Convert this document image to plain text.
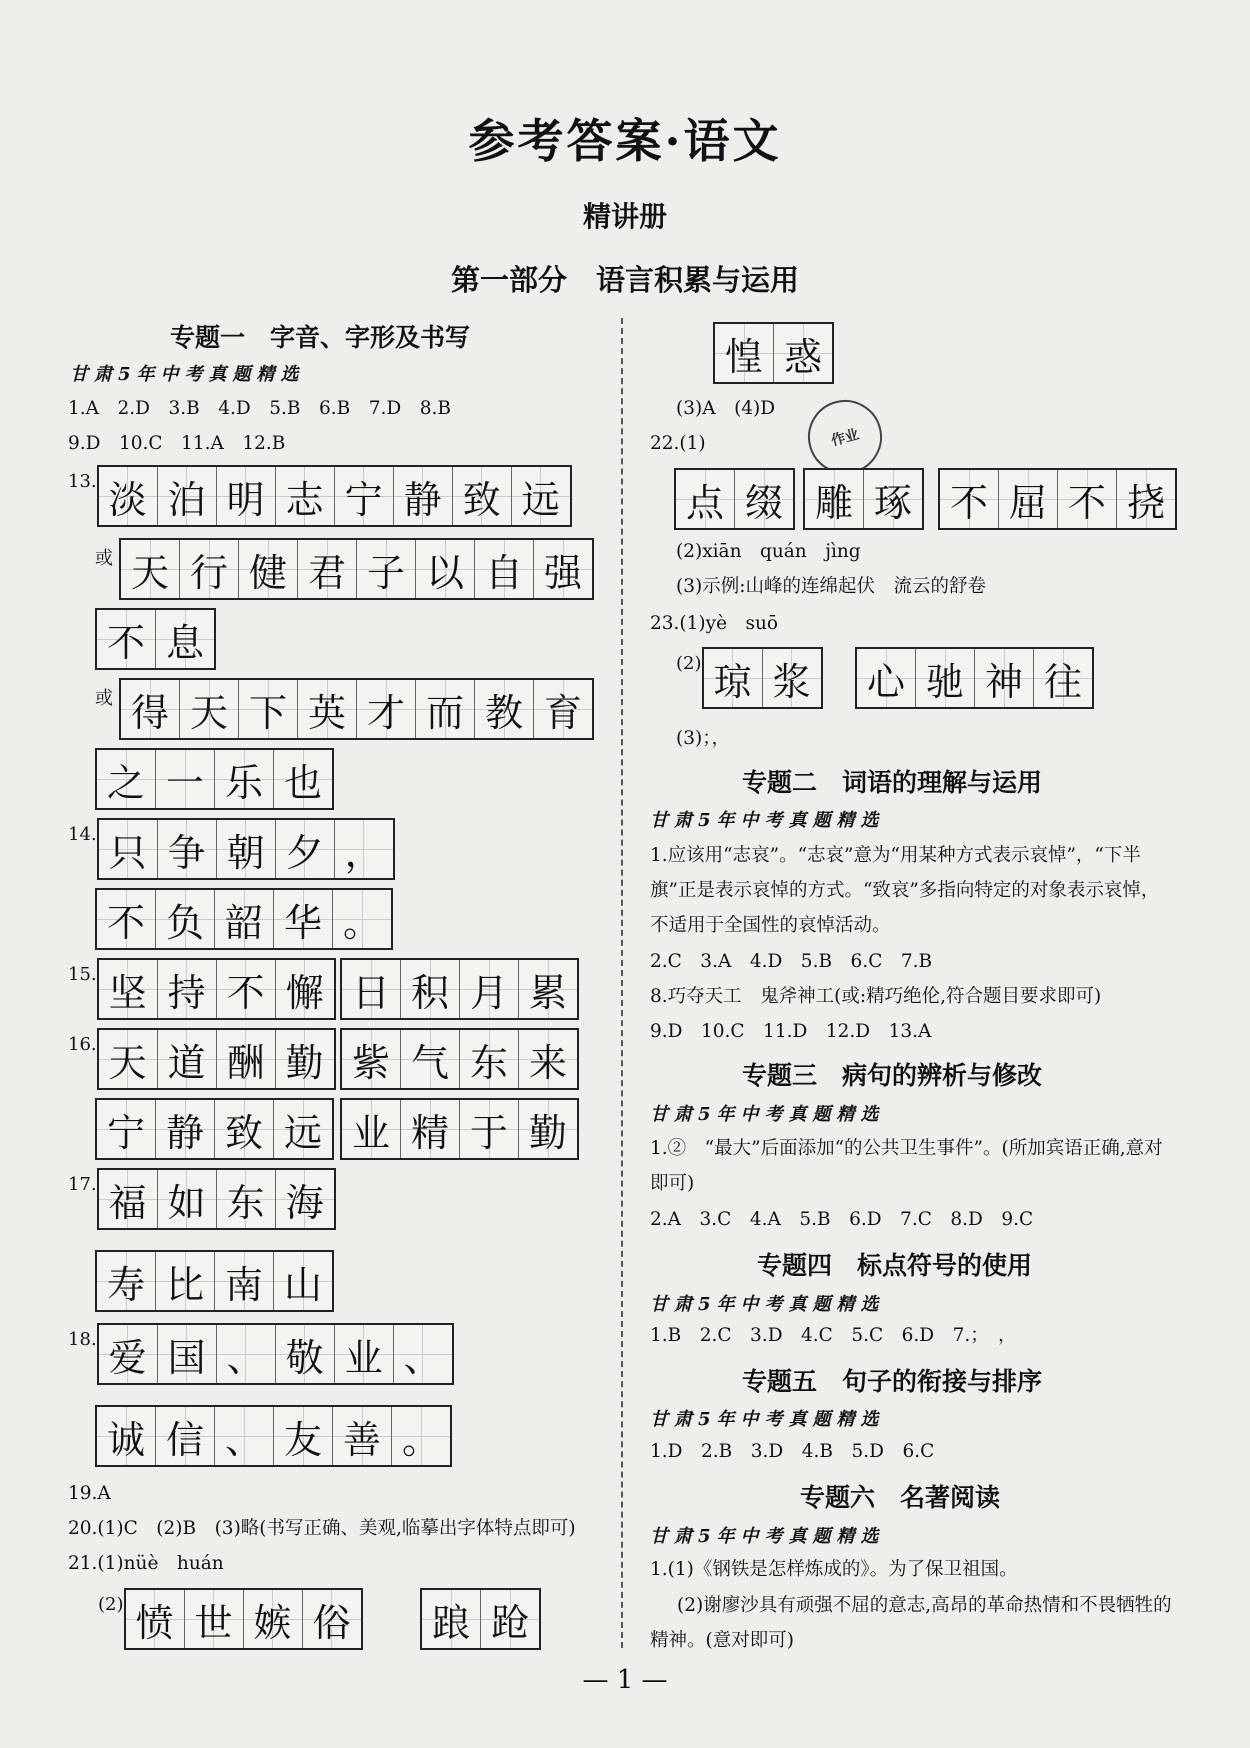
参考答案·语文
精讲册
第一部分　语言积累与运用
专题一　字音、字形及书写
甘肃5年中考真题精选
1.A　2.D　3.B　4.D　5.B　6.B　7.D　8.B
9.D　10.C　11.A　12.B
13. 淡 泊 明 志 宁 静 致 远
或 天 行 健 君 子 以 自 强
不 息
或 得 天 下 英 才 而 教 育
之 一 乐 也
14. 只 争 朝 夕 ，
不 负 韶 华 。
15. 坚 持 不 懈 日 积 月 累
16. 天 道 酬 勤 紫 气 东 来
宁 静 致 远 业 精 于 勤
17. 福 如 东 海
寿 比 南 山
18. 爱 国 、 敬 业 、
诚 信 、 友 善 。
19.A
20.(1)C　(2)B　(3)略(书写正确、美观,临摹出字体特点即可)
21.(1)nüè　huán
(2) 愤 世 嫉 俗 踉 跄
惶 惑
(3)A　(4)D
作业
22.(1)
点 缀 雕 琢 不 屈 不 挠
(2)xiān　quán　jìng
(3)示例:山峰的连绵起伏　流云的舒卷
23.(1)yè　suō
(2) 琼 浆 心 驰 神 往
(3)；，
专题二　词语的理解与运用
甘肃5年中考真题精选
1.应该用“志哀”。“志哀”意为“用某种方式表示哀悼”，“下半旗”正是表示哀悼的方式。“致哀”多指向特定的对象表示哀悼，不适用于全国性的哀悼活动。
2.C　3.A　4.D　5.B　6.C　7.B
8.巧夺天工　鬼斧神工(或:精巧绝伦,符合题目要求即可)
9.D　10.C　11.D　12.D　13.A
专题三　病句的辨析与修改
甘肃5年中考真题精选
1.②　“最大”后面添加“的公共卫生事件”。(所加宾语正确,意对即可)
2.A　3.C　4.A　5.B　6.D　7.C　8.D　9.C
专题四　标点符号的使用
甘肃5年中考真题精选
1.B　2.C　3.D　4.C　5.C　6.D　7.；　，
专题五　句子的衔接与排序
甘肃5年中考真题精选
1.D　2.B　3.D　4.B　5.D　6.C
专题六　名著阅读
甘肃5年中考真题精选
1.(1)《钢铁是怎样炼成的》。为了保卫祖国。
(2)谢廖沙具有顽强不屈的意志,高昂的革命热情和不畏牺牲的精神。(意对即可)
— 1 —
